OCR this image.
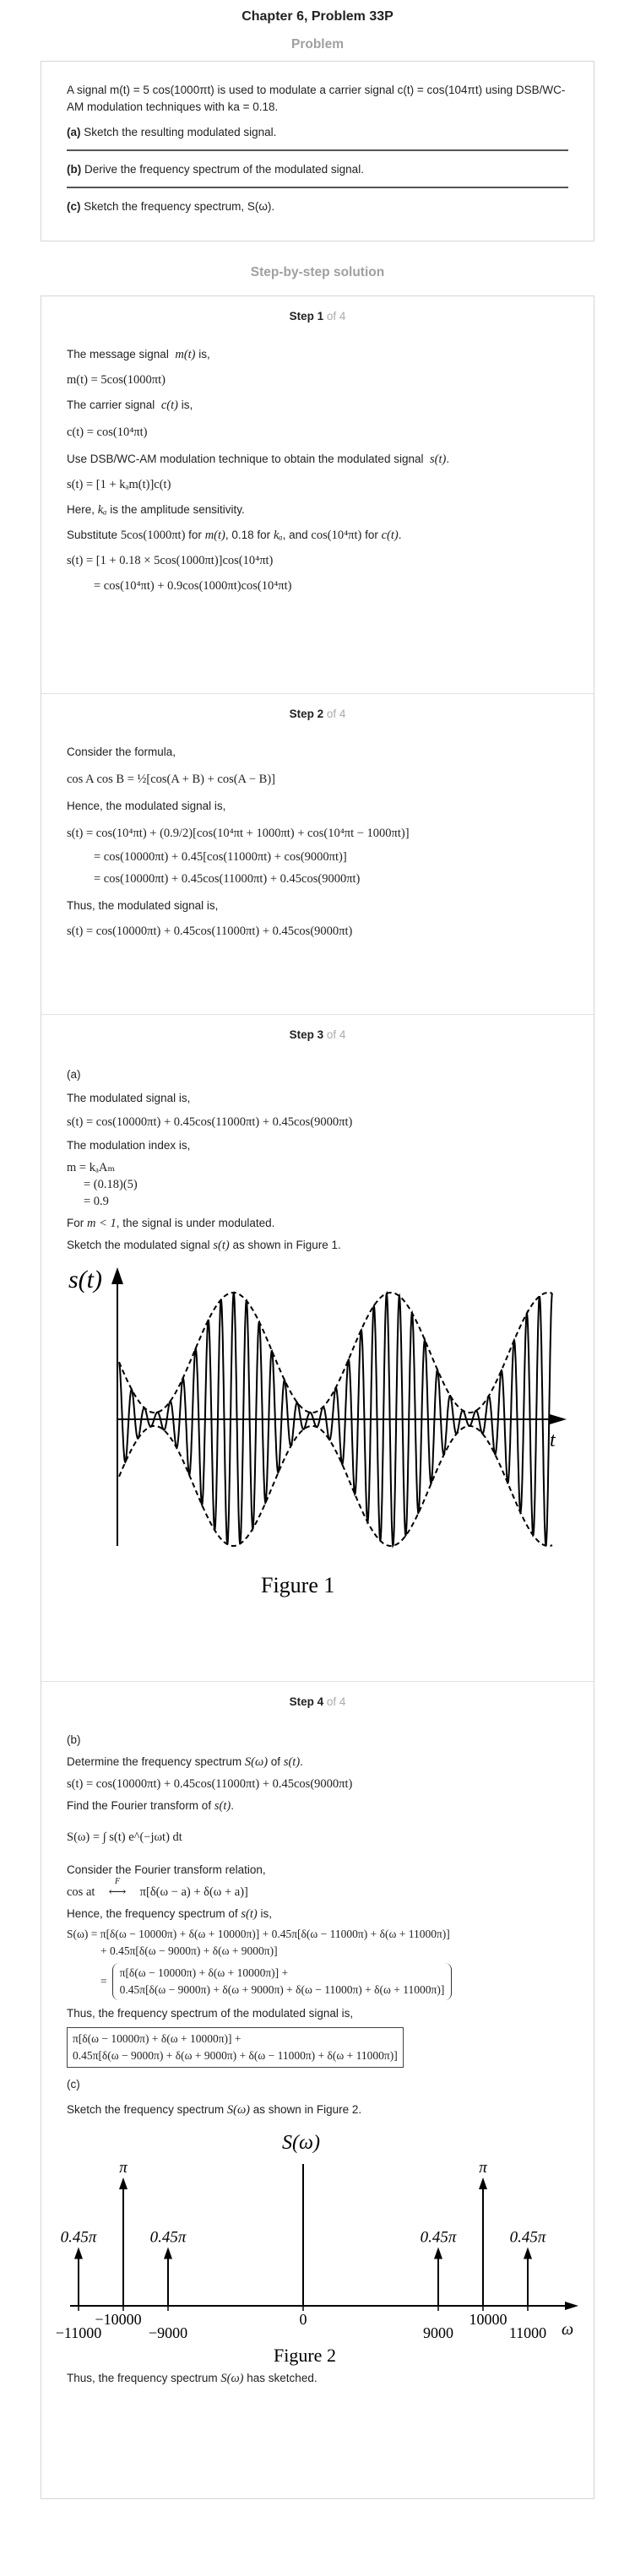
Chapter 6, Problem 33P
Problem

A signal m(t) = 5 cos(1000πt) is used to modulate a carrier signal c(t) = cos(104πt) using DSB/WC-AM modulation techniques with ka = 0.18.

(a) Sketch the resulting modulated signal.

(b) Derive the frequency spectrum of the modulated signal.

(c) Sketch the frequency spectrum, S(ω).

Step-by-step solution
Step 1 of 4

The message signal m(t) is,

m(t) = 5cos(1000πt)

The carrier signal c(t) is,

c(t) = cos(10⁴πt)

Use DSB/WC-AM modulation technique to obtain the modulated signal s(t).

s(t) = [1 + kₐm(t)]c(t)

Here, kₐ is the amplitude sensitivity.

Substitute 5cos(1000πt) for m(t), 0.18 for kₐ, and cos(10⁴πt) for c(t).

s(t) = [1 + 0.18 × 5cos(1000πt)]cos(10⁴πt)

= cos(10⁴πt) + 0.9cos(1000πt)cos(10⁴πt)

Step 2 of 4

Consider the formula,

cos A cos B = ½[cos(A + B) + cos(A − B)]

Hence, the modulated signal is,

s(t) = cos(10⁴πt) + (0.9/2)[cos(10⁴πt + 1000πt) + cos(10⁴πt − 1000πt)]

= cos(10000πt) + 0.45[cos(11000πt) + cos(9000πt)]

= cos(10000πt) + 0.45cos(11000πt) + 0.45cos(9000πt)

Thus, the modulated signal is,

s(t) = cos(10000πt) + 0.45cos(11000πt) + 0.45cos(9000πt)

Step 3 of 4

(a)

The modulated signal is,

s(t) = cos(10000πt) + 0.45cos(11000πt) + 0.45cos(9000πt)

The modulation index is,

m = kₐAₘ

= (0.18)(5)

= 0.9

For m < 1, the signal is under modulated.

Sketch the modulated signal s(t) as shown in Figure 1.

s(t)
t
Figure 1
Step 4 of 4

(b)

Determine the frequency spectrum S(ω) of s(t).

s(t) = cos(10000πt) + 0.45cos(11000πt) + 0.45cos(9000πt)

Find the Fourier transform of s(t).

S(ω) = ∫ s(t) e^(−jωt) dt

Consider the Fourier transform relation,

cos at
F
⟷ π[δ(ω − a) + δ(ω + a)]

Hence, the frequency spectrum of s(t) is,

S(ω) = π[δ(ω − 10000π) + δ(ω + 10000π)] + 0.45π[δ(ω − 11000π) + δ(ω + 11000π)]

+ 0.45π[δ(ω − 9000π) + δ(ω + 9000π)]

=
π[δ(ω − 10000π) + δ(ω + 10000π)] +
0.45π[δ(ω − 9000π) + δ(ω + 9000π) + δ(ω − 11000π) + δ(ω + 11000π)]

Thus, the frequency spectrum of the modulated signal is,

π[δ(ω − 10000π) + δ(ω + 10000π)] +
0.45π[δ(ω − 9000π) + δ(ω + 9000π) + δ(ω − 11000π) + δ(ω + 11000π)]

(c)

Sketch the frequency spectrum S(ω) as shown in Figure 2.

S(ω)
ω
0.45π
π
0.45π	0.45π
π
0.45π
−11000
−10000
−9000
0
9000
10000
11000
Figure 2

Thus, the frequency spectrum S(ω) has sketched.
